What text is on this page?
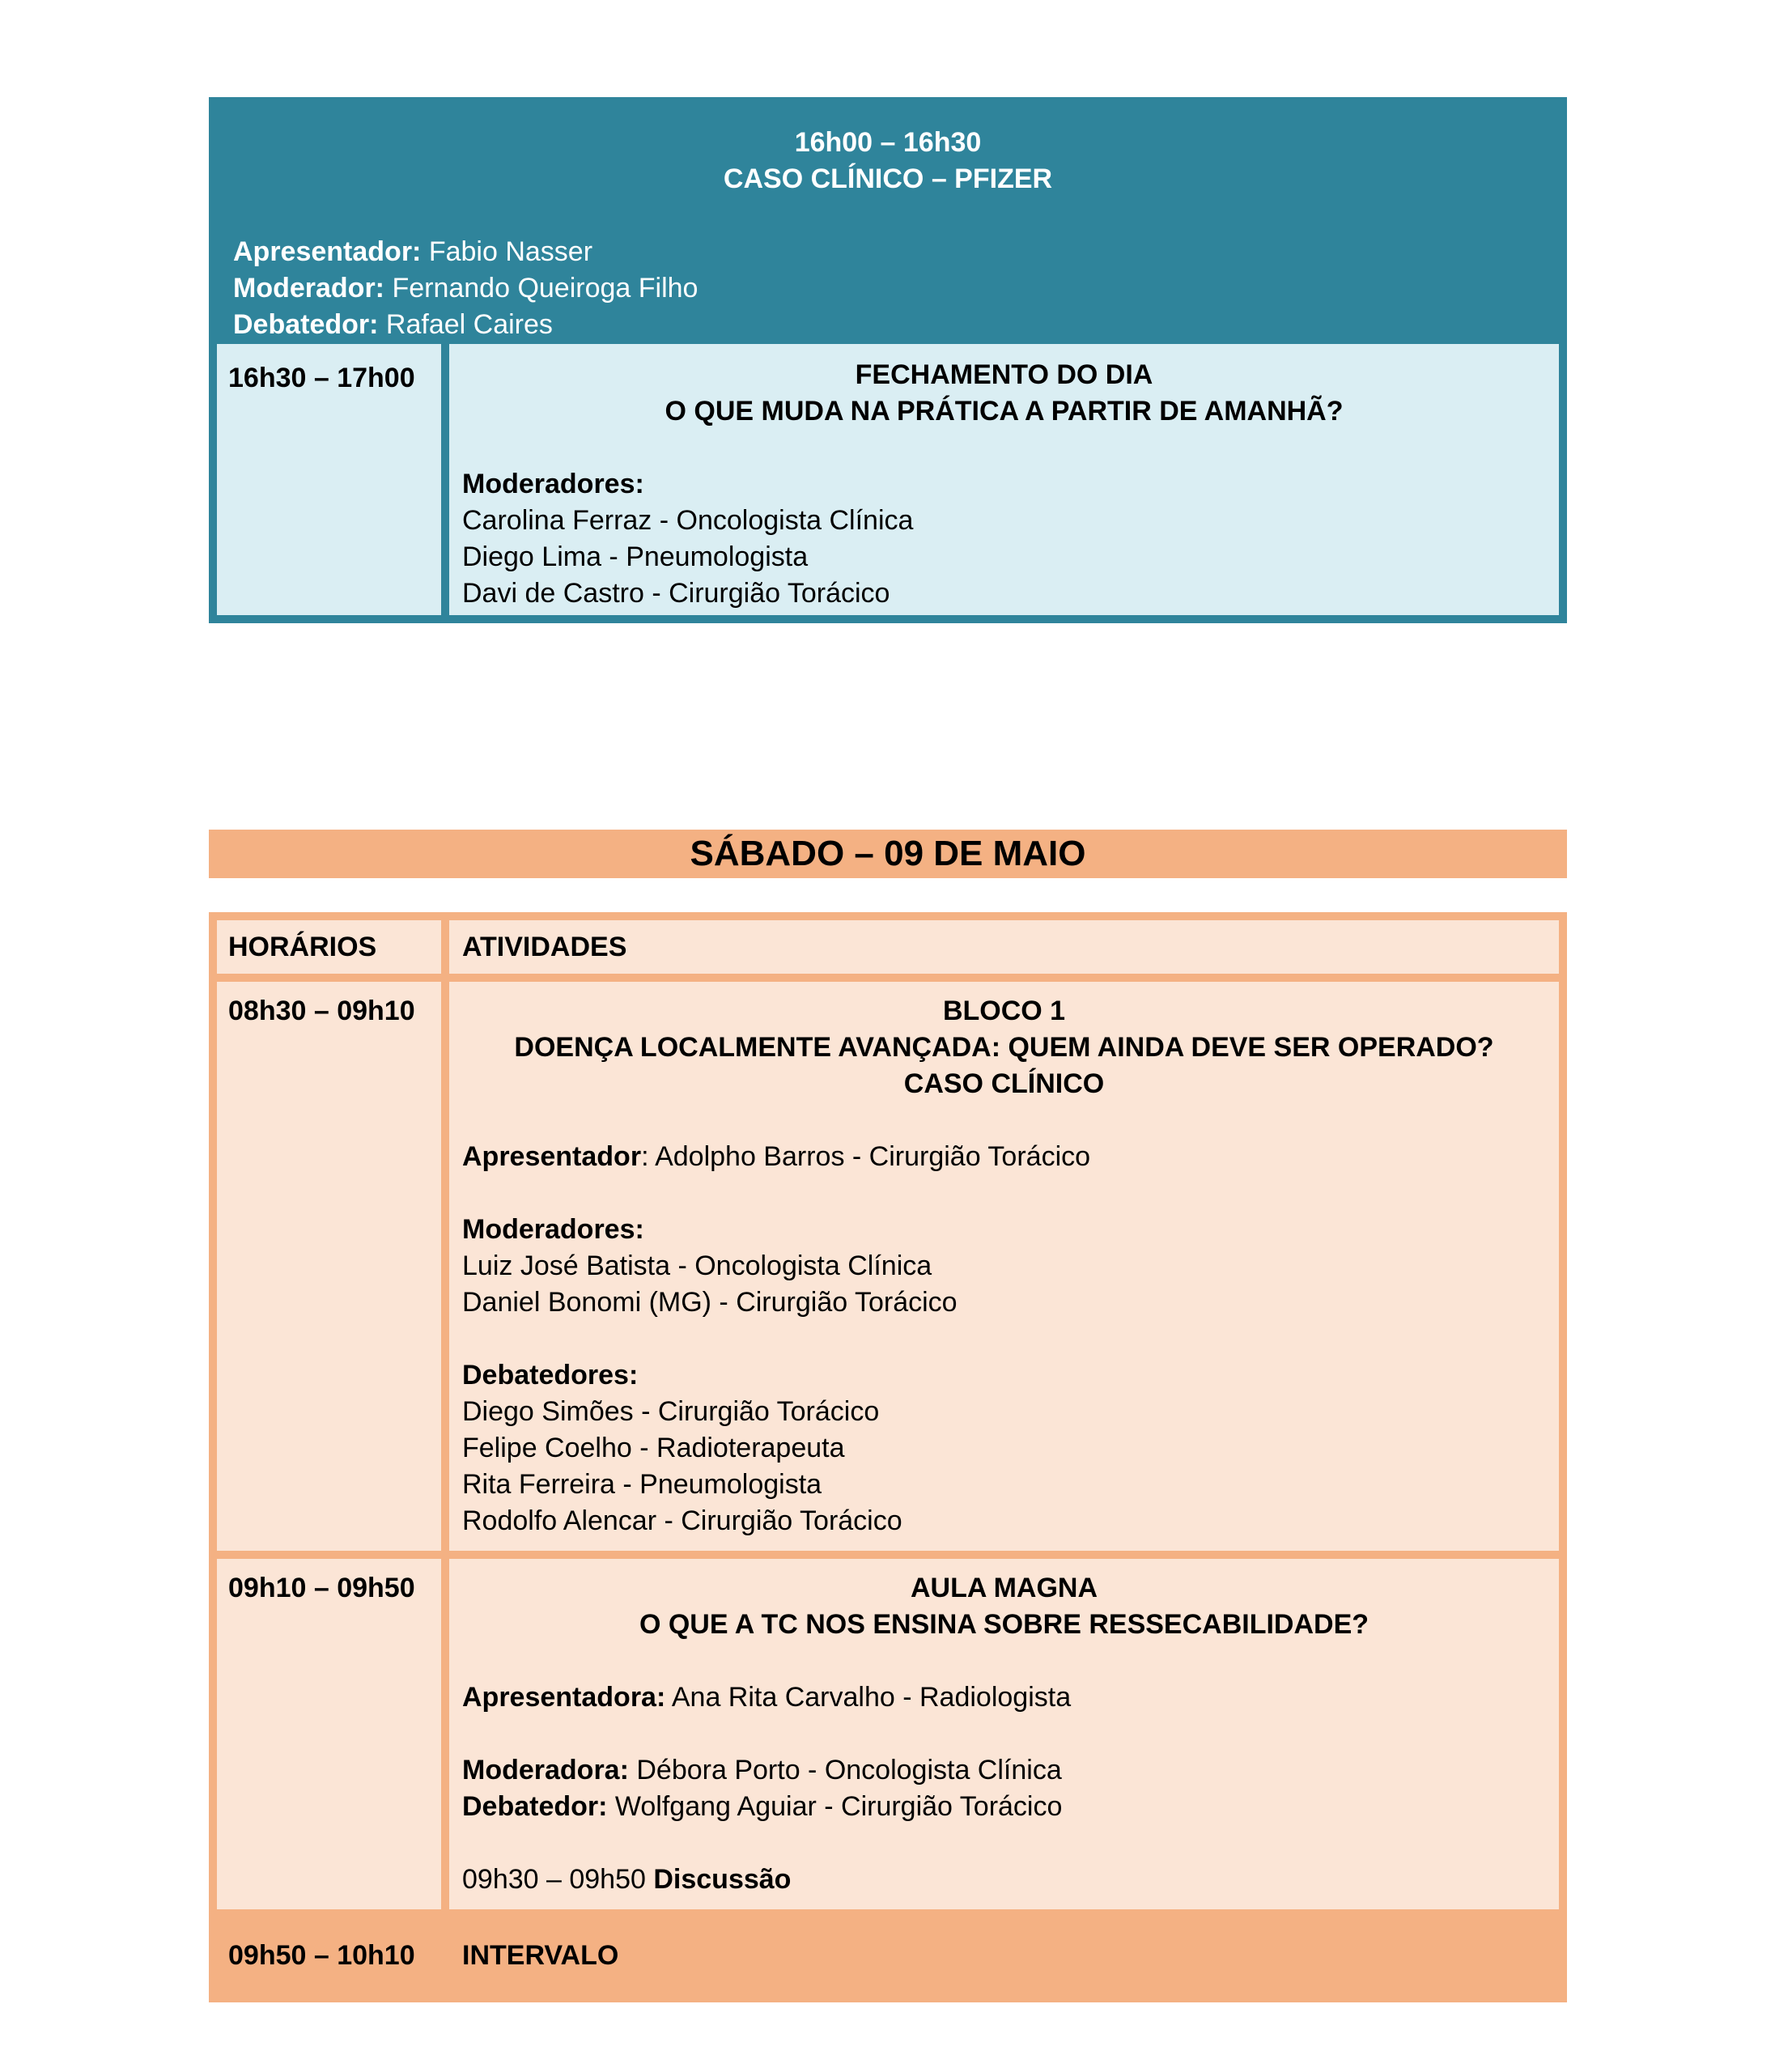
16h00 – 16h30
CASO CLÍNICO – PFIZER
Apresentador: Fabio Nasser
Moderador: Fernando Queiroga Filho
Debatedor: Rafael Caires
16h30 – 17h00	FECHAMENTO DO DIA
O QUE MUDA NA PRÁTICA A PARTIR DE AMANHÃ?
Moderadores:
Carolina Ferraz - Oncologista Clínica
Diego Lima - Pneumologista
Davi de Castro - Cirurgião Torácico
SÁBADO – 09 DE MAIO
HORÁRIOS	ATIVIDADES
08h30 – 09h10	BLOCO 1
DOENÇA LOCALMENTE AVANÇADA: QUEM AINDA DEVE SER OPERADO?
CASO CLÍNICO
Apresentador: Adolpho Barros - Cirurgião Torácico
Moderadores:
Luiz José Batista - Oncologista Clínica
Daniel Bonomi (MG) - Cirurgião Torácico
Debatedores:
Diego Simões - Cirurgião Torácico
Felipe Coelho - Radioterapeuta
Rita Ferreira - Pneumologista
Rodolfo Alencar - Cirurgião Torácico
09h10 – 09h50	AULA MAGNA
O QUE A TC NOS ENSINA SOBRE RESSECABILIDADE?
Apresentadora: Ana Rita Carvalho - Radiologista
Moderadora: Débora Porto - Oncologista Clínica
Debatedor: Wolfgang Aguiar - Cirurgião Torácico
09h30 – 09h50 Discussão
09h50 – 10h10	INTERVALO
